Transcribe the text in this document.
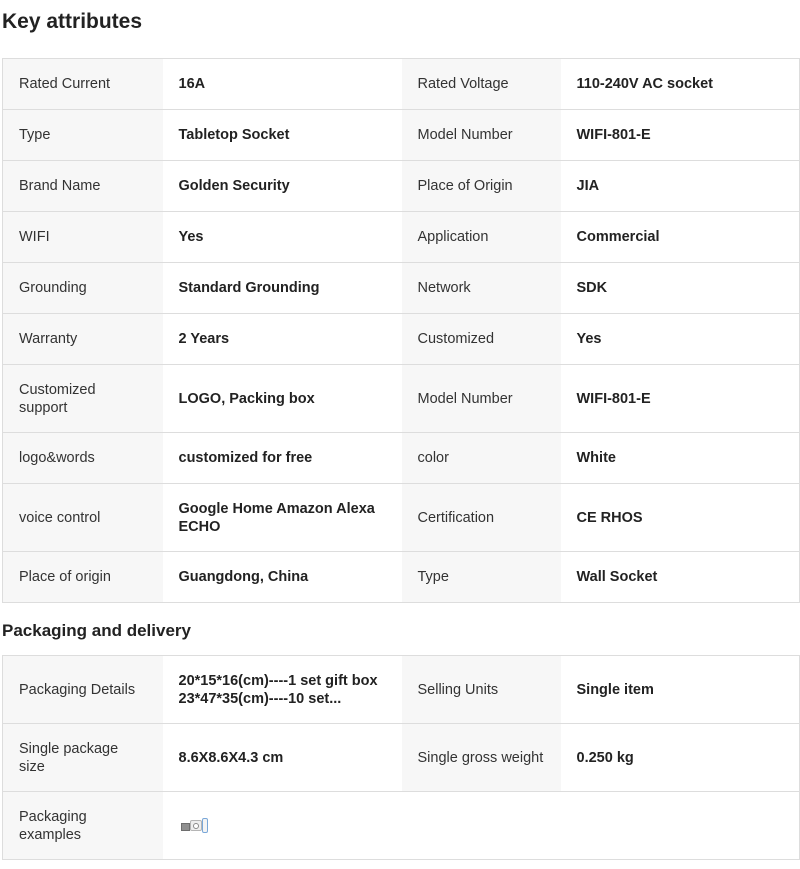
Key attributes
Rated Current	16A	Rated Voltage	110-240V AC socket
Type	Tabletop Socket	Model Number	WIFI-801-E
Brand Name	Golden Security	Place of Origin	JIA
WIFI	Yes	Application	Commercial
Grounding	Standard Grounding	Network	SDK
Warranty	2 Years	Customized	Yes
Customized support	LOGO, Packing box	Model Number	WIFI-801-E
logo&words	customized for free	color	White
voice control	Google Home Amazon Alexa ECHO	Certification	CE RHOS
Place of origin	Guangdong, China	Type	Wall Socket
Packaging and delivery
Packaging Details	20*15*16(cm)----1 set gift box 23*47*35(cm)----10 set...	Selling Units	Single item
Single package size	8.6X8.6X4.3 cm	Single gross weight	0.250 kg
Packaging examples			
